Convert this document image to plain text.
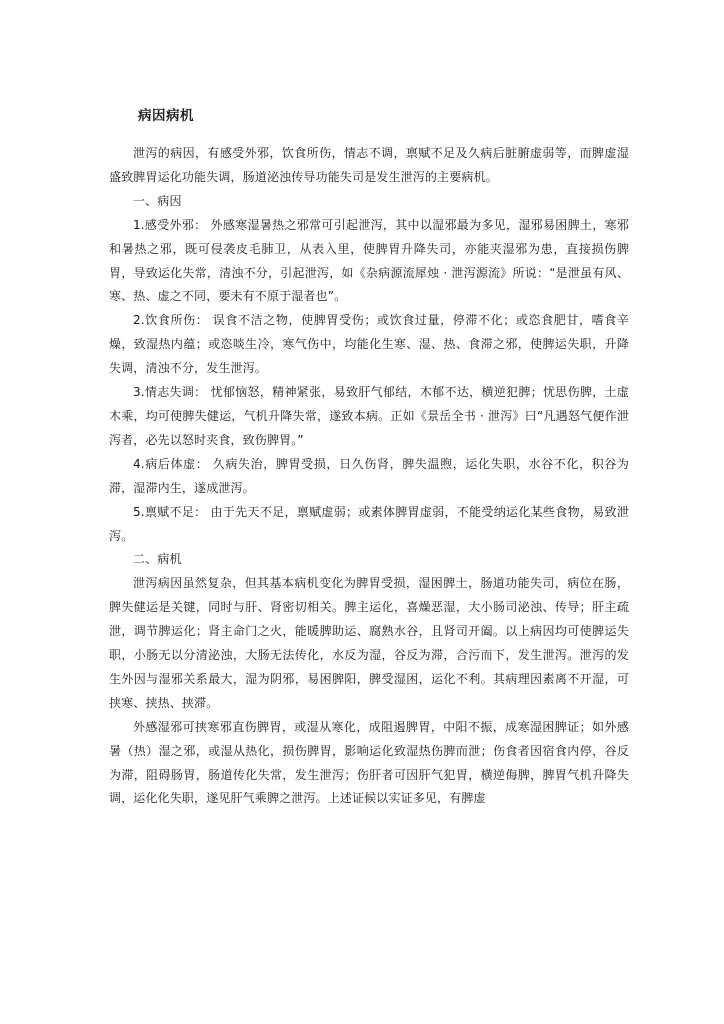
病因病机

泄泻的病因，有感受外邪，饮食所伤，情志不调，禀赋不足及久病后脏腑虚弱等，而脾虚湿盛致脾胃运化功能失调，肠道泌浊传导功能失司是发生泄泻的主要病机。

一、病因

1.感受外邪： 外感寒湿暑热之邪常可引起泄泻，其中以湿邪最为多见，湿邪易困脾土，寒邪和暑热之邪，既可侵袭皮毛肺卫，从表入里，使脾胃升降失司，亦能夹湿邪为患，直接损伤脾胃，导致运化失常，清浊不分，引起泄泻，如《杂病源流犀烛 · 泄泻源流》所说：“是泄虽有风、寒、热、虚之不同，要未有不原于湿者也”。

2.饮食所伤： 误食不洁之物，使脾胃受伤；或饮食过量，停滞不化；或恣食肥甘，嗜食辛燥，致湿热内蕴；或恣啖生冷，寒气伤中，均能化生寒、湿、热、食滞之邪，使脾运失职，升降失调，清浊不分，发生泄泻。

3.情志失调： 忧郁恼怒，精神紧张，易致肝气郁结，木郁不达，横逆犯脾；忧思伤脾，土虚木乘，均可使脾失健运，气机升降失常，遂致本病。正如《景岳全书 · 泄泻》曰“凡遇怒气便作泄泻者，必先以怒时夹食，致伤脾胃。”

4.病后体虚： 久病失治，脾胃受损，日久伤肾，脾失温煦，运化失职，水谷不化，积谷为滞，湿滞内生，遂成泄泻。

5.禀赋不足： 由于先天不足，禀赋虚弱；或素体脾胃虚弱，不能受纳运化某些食物，易致泄泻。

二、病机

泄泻病因虽然复杂，但其基本病机变化为脾胃受损，湿困脾土，肠道功能失司，病位在肠，脾失健运是关键，同时与肝、肾密切相关。脾主运化，喜燥恶湿，大小肠司泌浊、传导；肝主疏泄，调节脾运化；肾主命门之火，能暖脾助运、腐熟水谷，且肾司开阖。以上病因均可使脾运失职，小肠无以分清泌浊，大肠无法传化，水反为湿，谷反为滞，合污而下，发生泄泻。泄泻的发生外因与湿邪关系最大，湿为阴邪，易困脾阳，脾受湿困，运化不利。其病理因素离不开湿，可挟寒、挟热、挟滞。

外感湿邪可挟寒邪直伤脾胃，或湿从寒化，成阻遏脾胃，中阳不振，成寒湿困脾证；如外感暑（热）湿之邪，或湿从热化，损伤脾胃，影响运化致湿热伤脾而泄；伤食者因宿食内停，谷反为滞，阻碍肠胃，肠道传化失常，发生泄泻；伤肝者可因肝气犯胃，横逆侮脾，脾胃气机升降失调，运化化失职，遂见肝气乘脾之泄泻。上述证候以实证多见，有脾虚
